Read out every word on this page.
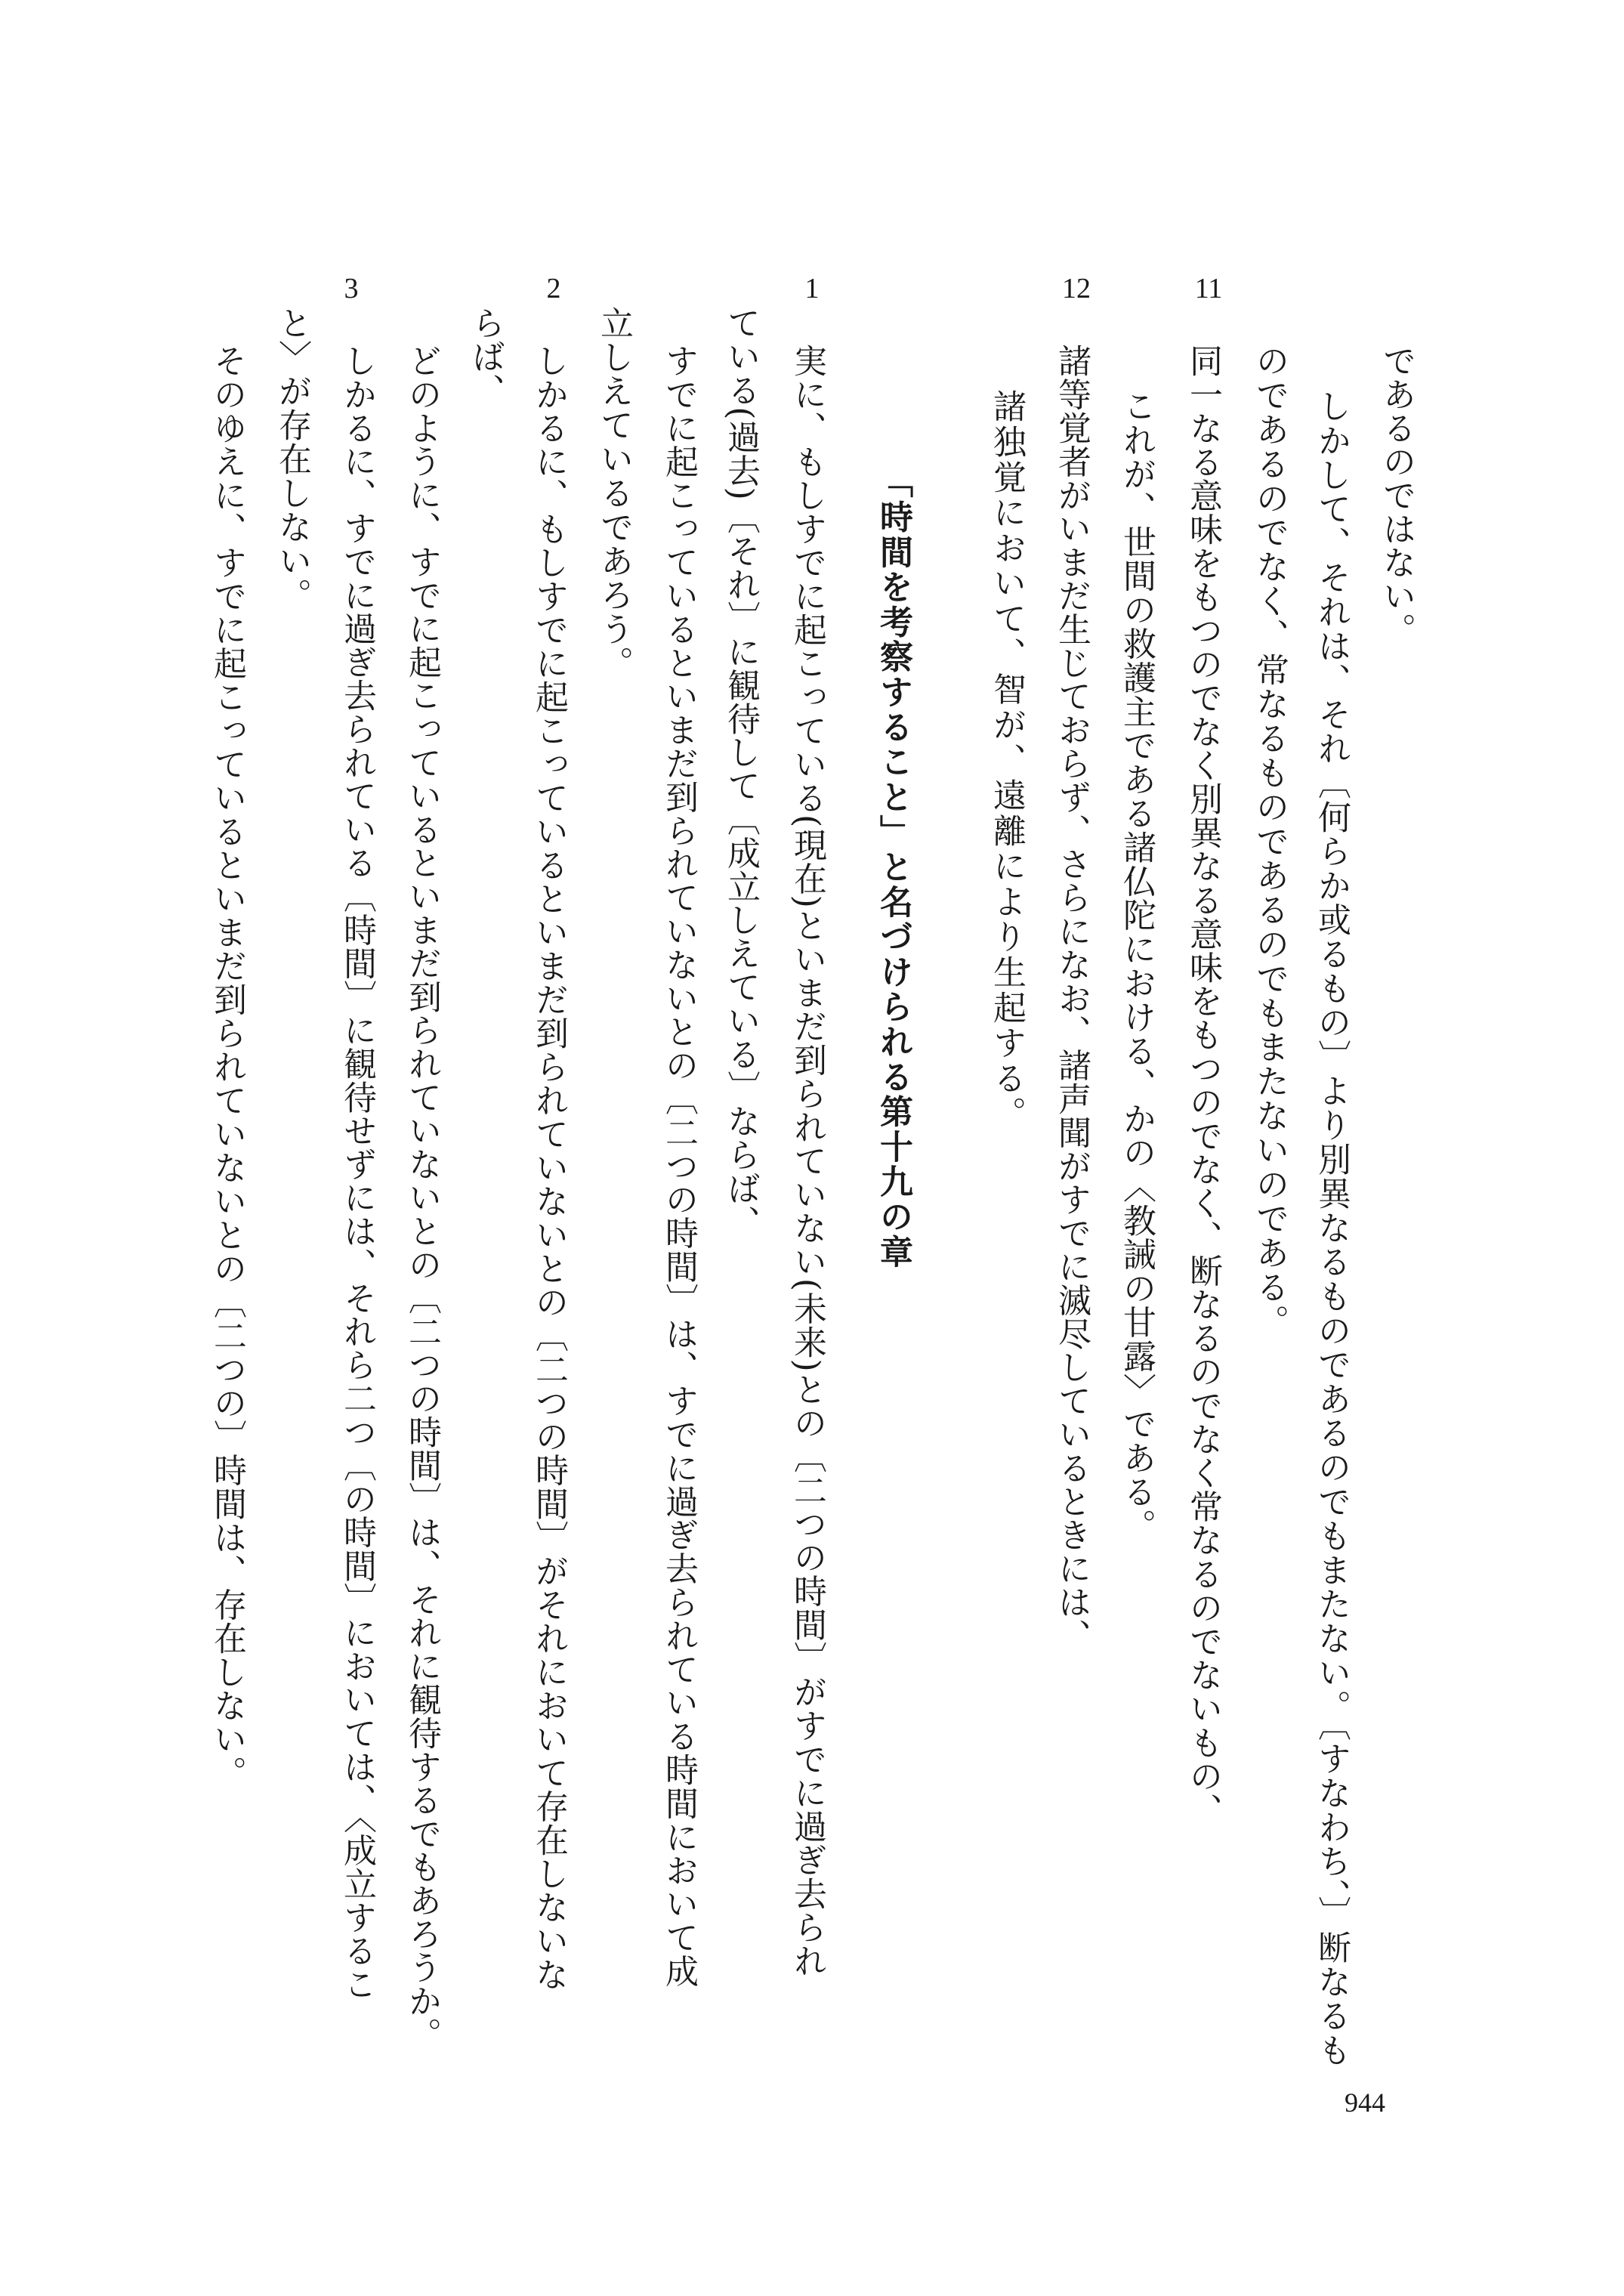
11
12
1
2
3
であるのではない。
しかして、それは、それ〔何らか或るもの〕より別異なるものであるのでもまたない。〔すなわち、〕断なるも
のであるのでなく、常なるものであるのでもまたないのである。
同一なる意味をもつのでなく別異なる意味をもつのでなく、断なるのでなく常なるのでないもの、
これが、世間の救護主である諸仏陀における、かの〈教誡の甘露〉である。
諸等覚者がいまだ生じておらず、さらになお、諸声聞がすでに滅尽しているときには、
諸独覚において、智が、遠離により生起する。
「時間を考察すること」と名づけられる第十九の章
実に、もしすでに起こっている(現在)といまだ到られていない(未来)との〔二つの時間〕がすでに過ぎ去られ
ている(過去)〔それ〕に観待して〔成立しえている〕ならば、
すでに起こっているといまだ到られていないとの〔二つの時間〕は、すでに過ぎ去られている時間において成
立しえているであろう。
しかるに、もしすでに起こっているといまだ到られていないとの〔二つの時間〕がそれにおいて存在しないな
らば、
どのように、すでに起こっているといまだ到られていないとの〔二つの時間〕は、それに観待するでもあろうか。
しかるに、すでに過ぎ去られている〔時間〕に観待せずには、それら二つ〔の時間〕においては、〈成立するこ
と〉が存在しない。
そのゆえに、すでに起こっているといまだ到られていないとの〔二つの〕時間は、存在しない。
944
